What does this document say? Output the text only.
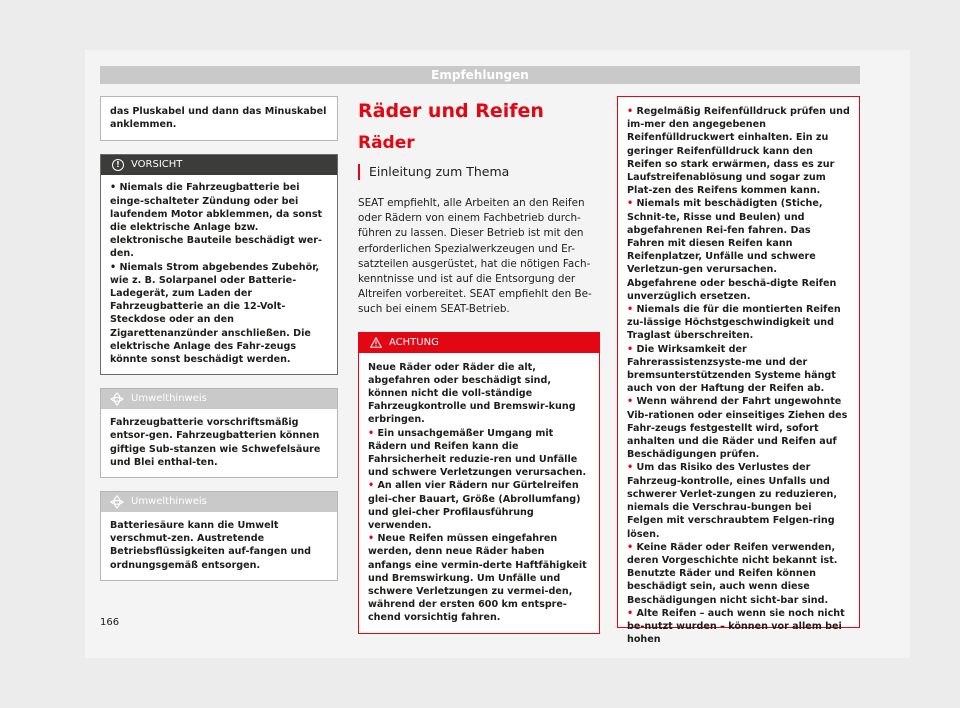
Empfehlungen
das Pluskabel und dann das Minuskabel anklemmen.
!	VORSICHT
• Niemals die Fahrzeugbatterie bei einge-schalteter Zündung oder bei laufendem Motor abklemmen, da sonst die elektrische Anlage bzw. elektronische Bauteile beschädigt wer-den.
• Niemals Strom abgebendes Zubehör, wie z. B. Solarpanel oder Batterie-Ladegerät, zum Laden der Fahrzeugbatterie an die 12-Volt-Steckdose oder an den Zigarettenanzünder anschließen. Die elektrische Anlage des Fahr-zeugs könnte sonst beschädigt werden.
Umwelthinweis
Fahrzeugbatterie vorschriftsmäßig entsor-gen. Fahrzeugbatterien können giftige Sub-stanzen wie Schwefelsäure und Blei enthal-ten.
Umwelthinweis
Batteriesäure kann die Umwelt verschmut-zen. Austretende Betriebsflüssigkeiten auf-fangen und ordnungsgemäß entsorgen.
Räder und Reifen
Räder
Einleitung zum Thema
SEAT empfiehlt, alle Arbeiten an den Reifen oder Rädern von einem Fachbetrieb durch-führen zu lassen. Dieser Betrieb ist mit den erforderlichen Spezialwerkzeugen und Er-satzteilen ausgerüstet, hat die nötigen Fach-kenntnisse und ist auf die Entsorgung der Altreifen vorbereitet. SEAT empfiehlt den Be-such bei einem SEAT-Betrieb.
ACHTUNG
Neue Räder oder Räder die alt, abgefahren oder beschädigt sind, können nicht die voll-ständige Fahrzeugkontrolle und Bremswir-kung erbringen.
• Ein unsachgemäßer Umgang mit Rädern und Reifen kann die Fahrsicherheit reduzie-ren und Unfälle und schwere Verletzungen verursachen.
• An allen vier Rädern nur Gürtelreifen glei-cher Bauart, Größe (Abrollumfang) und glei-cher Profilausführung verwenden.
• Neue Reifen müssen eingefahren werden, denn neue Räder haben anfangs eine vermin-derte Haftfähigkeit und Bremswirkung. Um Unfälle und schwere Verletzungen zu vermei-den, während der ersten 600 km entspre-chend vorsichtig fahren.
• Regelmäßig Reifenfülldruck prüfen und im-mer den angegebenen Reifenfülldruckwert einhalten. Ein zu geringer Reifenfülldruck kann den Reifen so stark erwärmen, dass es zur Laufstreifenablösung und sogar zum Plat-zen des Reifens kommen kann.
• Niemals mit beschädigten (Stiche, Schnit-te, Risse und Beulen) und abgefahrenen Rei-fen fahren. Das Fahren mit diesen Reifen kann Reifenplatzer, Unfälle und schwere Verletzun-gen verursachen. Abgefahrene oder beschä-digte Reifen unverzüglich ersetzen.
• Niemals die für die montierten Reifen zu-lässige Höchstgeschwindigkeit und Traglast überschreiten.
• Die Wirksamkeit der Fahrerassistenzsyste-me und der bremsunterstützenden Systeme hängt auch von der Haftung der Reifen ab.
• Wenn während der Fahrt ungewohnte Vib-rationen oder einseitiges Ziehen des Fahr-zeugs festgestellt wird, sofort anhalten und die Räder und Reifen auf Beschädigungen prüfen.
• Um das Risiko des Verlustes der Fahrzeug-kontrolle, eines Unfalls und schwerer Verlet-zungen zu reduzieren, niemals die Verschrau-bungen bei Felgen mit verschraubtem Felgen-ring lösen.
• Keine Räder oder Reifen verwenden, deren Vorgeschichte nicht bekannt ist. Benutzte Räder und Reifen können beschädigt sein, auch wenn diese Beschädigungen nicht sicht-bar sind.
• Alte Reifen – auch wenn sie noch nicht be-nutzt wurden – können vor allem bei hohen
166
